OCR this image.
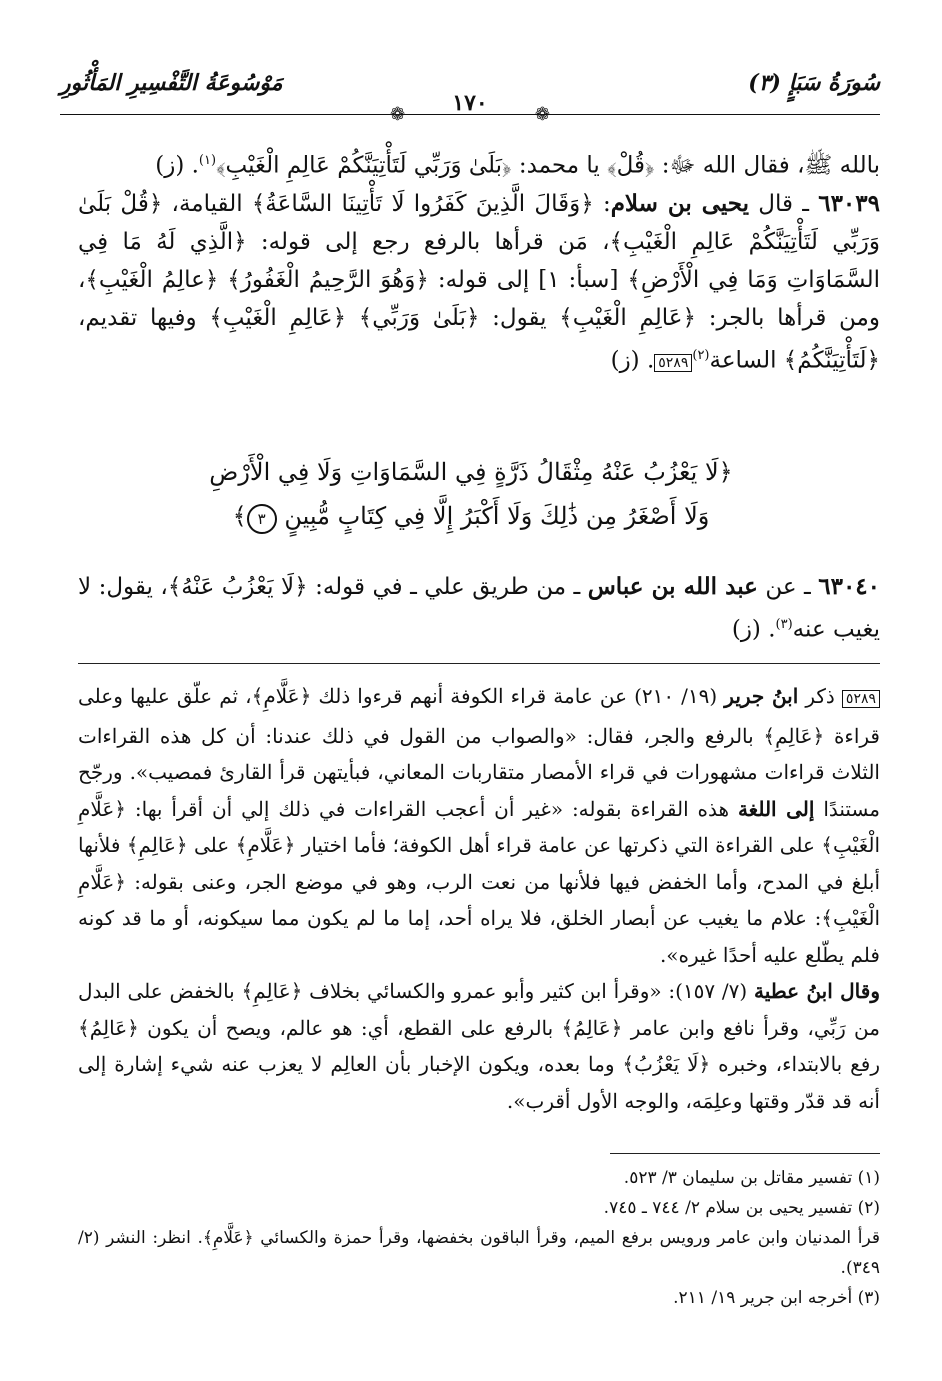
سُورَةُ سَبَإٍ (٣)
مَوْسُوعَةُ التَّفْسِيرِ المَأْثُورِ
١٧٠	❁
❁

بالله ﷺ، فقال الله ﷻ: ﴿قُلْ﴾ يا محمد: ﴿بَلَىٰ وَرَبِّي لَتَأْتِيَنَّكُمْ عَالِمِ الْغَيْبِ﴾$^{(١)}$. (ز)

٦٣٠٣٩ ـ قال يحيى بن سلام: ﴿وَقَالَ الَّذِينَ كَفَرُوا لَا تَأْتِينَا السَّاعَةُ﴾ القيامة، ﴿قُلْ بَلَىٰ وَرَبِّي لَتَأْتِيَنَّكُمْ عَالِمِ الْغَيْبِ﴾، مَن قرأها بالرفع رجع إلى قوله: ﴿الَّذِي لَهُ مَا فِي السَّمَاوَاتِ وَمَا فِي الْأَرْضِ﴾ [سبأ: ١] إلى قوله: ﴿وَهُوَ الرَّحِيمُ الْغَفُورُ﴾ ﴿عالِمُ الْغَيْبِ﴾، ومن قرأها بالجر: ﴿عَالِمِ الْغَيْبِ﴾ يقول: ﴿بَلَىٰ وَرَبِّي﴾ ﴿عَالِمِ الْغَيْبِ﴾ وفيها تقديم، ﴿لَتَأْتِيَنَّكُمُ﴾ الساعة$^{(٢)}$٥٢٨٩. (ز)

﴿لَا يَعْزُبُ عَنْهُ مِثْقَالُ ذَرَّةٍ فِي السَّمَاوَاتِ وَلَا فِي الْأَرْضِ
وَلَا أَصْغَرُ مِن ذَٰلِكَ وَلَا أَكْبَرُ إِلَّا فِي كِتَابٍ مُّبِينٍ ٣﴾

٦٣٠٤٠ ـ عن عبد الله بن عباس ـ من طريق علي ـ في قوله: ﴿لَا يَعْزُبُ عَنْهُ﴾، يقول: لا يغيب عنه$^{(٣)}$. (ز)

٥٢٨٩ ذكر ابنُ جرير (١٩/ ٢١٠) عن عامة قراء الكوفة أنهم قرءوا ذلك ﴿عَلَّامِ﴾، ثم علّق عليها وعلى قراءة ﴿عَالِمِ﴾ بالرفع والجر، فقال: «والصواب من القول في ذلك عندنا: أن كل هذه القراءات الثلاث قراءات مشهورات في قراء الأمصار متقاربات المعاني، فبأيتهن قرأ القارئ فمصيب». ورجّح مستندًا إلى اللغة هذه القراءة بقوله: «غير أن أعجب القراءات في ذلك إلي أن أقرأ بها: ﴿عَلَّامِ الْغَيْبِ﴾ على القراءة التي ذكرتها عن عامة قراء أهل الكوفة؛ فأما اختيار ﴿عَلَّامِ﴾ على ﴿عَالِمِ﴾ فلأنها أبلغ في المدح، وأما الخفض فيها فلأنها من نعت الرب، وهو في موضع الجر، وعنى بقوله: ﴿عَلَّامِ الْغَيْبِ﴾: علام ما يغيب عن أبصار الخلق، فلا يراه أحد، إما ما لم يكون مما سيكونه، أو ما قد كونه فلم يطّلع عليه أحدًا غيره».

وقال ابنُ عطية (٧/ ١٥٧): «وقرأ ابن كثير وأبو عمرو والكسائي بخلاف ﴿عَالِمِ﴾ بالخفض على البدل من رَبِّي، وقرأ نافع وابن عامر ﴿عَالِمُ﴾ بالرفع على القطع، أي: هو عالم، ويصح أن يكون ﴿عَالِمُ﴾ رفع بالابتداء، وخبره ﴿لَا يَعْزُبُ﴾ وما بعده، ويكون الإخبار بأن العالِم لا يعزب عنه شيء إشارة إلى أنه قد قدّر وقتها وعلِمَه، والوجه الأول أقرب».

(١) تفسير مقاتل بن سليمان ٣/ ٥٢٣.

(٢) تفسير يحيى بن سلام ٢/ ٧٤٤ ـ ٧٤٥.

قرأ المدنيان وابن عامر ورويس برفع الميم، وقرأ الباقون بخفضها، وقرأ حمزة والكسائي ﴿عَلَّامِ﴾. انظر: النشر (٢/ ٣٤٩).

(٣) أخرجه ابن جرير ١٩/ ٢١١.
